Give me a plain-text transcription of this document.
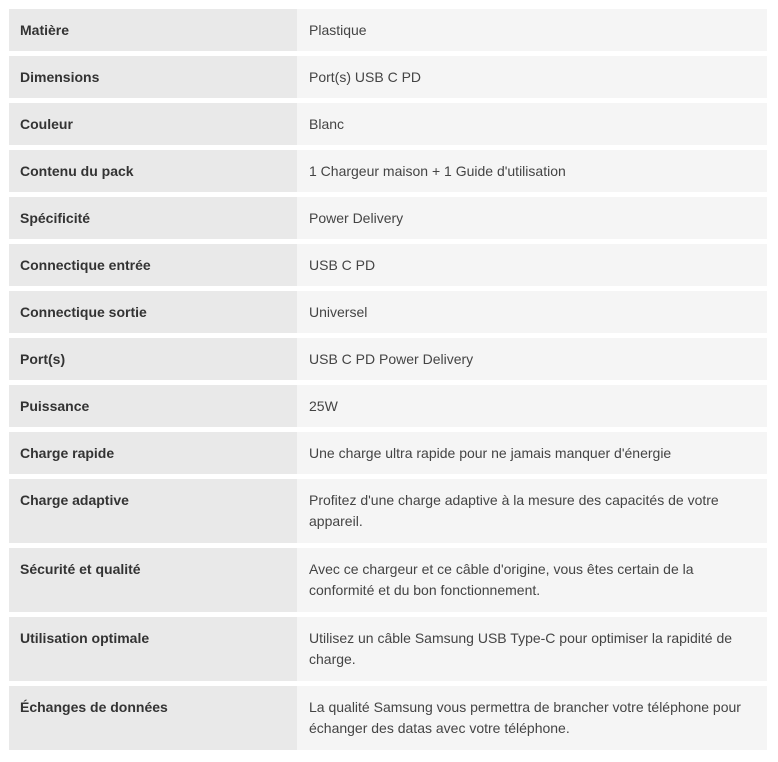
Matière	Plastique
Dimensions	Port(s) USB C PD
Couleur	Blanc
Contenu du pack	1 Chargeur maison + 1 Guide d'utilisation
Spécificité	Power Delivery
Connectique entrée	USB C PD
Connectique sortie	Universel
Port(s)	USB C PD Power Delivery
Puissance	25W
Charge rapide	Une charge ultra rapide pour ne jamais manquer d'énergie
Charge adaptive	Profitez d'une charge adaptive à la mesure des capacités de votre appareil.
Sécurité et qualité	Avec ce chargeur et ce câble d'origine, vous êtes certain de la conformité et du bon fonctionnement.
Utilisation optimale	Utilisez un câble Samsung USB Type-C pour optimiser la rapidité de charge.
Échanges de données	La qualité Samsung vous permettra de brancher votre téléphone pour échanger des datas avec votre téléphone.
